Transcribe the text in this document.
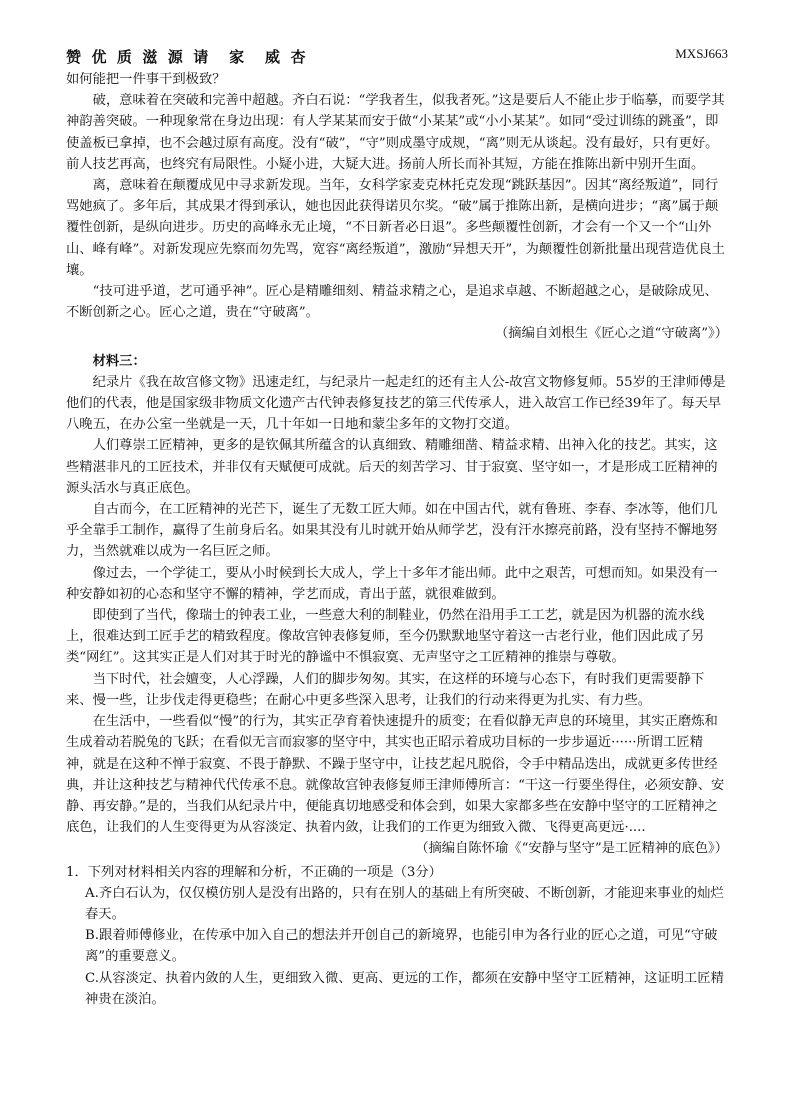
赞  优  质  滋  源  请    家    威  杏	MXSJ663

如何能把一件事干到极致？

破，意味着在突破和完善中超越。齐白石说：“学我者生，似我者死。”这是要后人不能止步于临摹，而要学其神韵善突破。一种现象常在身边出现：有人学某某而安于做“小某某”或“小小某某”。如同“受过训练的跳蚤”，即使盖板已拿掉，也不会越过原有高度。没有“破”，“守”则成墨守成规，“离”则无从谈起。没有最好，只有更好。前人技艺再高，也终究有局限性。小疑小进，大疑大进。扬前人所长而补其短，方能在推陈出新中别开生面。

离，意味着在颠覆成见中寻求新发现。当年，女科学家麦克林托克发现“跳跃基因”。因其“离经叛道”，同行骂她疯了。多年后，其成果才得到承认，她也因此获得诺贝尔奖。“破”属于推陈出新，是横向进步；“离”属于颠覆性创新，是纵向进步。历史的高峰永无止境，“不日新者必日退”。多些颠覆性创新，才会有一个又一个“山外山、峰有峰”。对新发现应先察而勿先骂，宽容“离经叛道”，激励“异想天开”，为颠覆性创新批量出现营造优良土壤。

“技可进乎道，艺可通乎神”。匠心是精雕细刻、精益求精之心，是追求卓越、不断超越之心，是破除成见、不断创新之心。匠心之道，贵在“守破离”。

（摘编自刘根生《匠心之道“守破离”》）

材料三：

纪录片《我在故宫修文物》迅速走红，与纪录片一起走红的还有主人公-故宫文物修复师。55岁的王津师傅是他们的代表，他是国家级非物质文化遗产古代钟表修复技艺的第三代传承人，进入故宫工作已经39年了。每天早八晚五，在办公室一坐就是一天，几十年如一日地和蒙尘多年的文物打交道。

人们尊崇工匠精神，更多的是钦佩其所蕴含的认真细致、精雕细凿、精益求精、出神入化的技艺。其实，这些精湛非凡的工匠技术，并非仅有天赋便可成就。后天的刻苦学习、甘于寂寞、坚守如一，才是形成工匠精神的源头活水与真正底色。

自古而今，在工匠精神的光芒下，诞生了无数工匠大师。如在中国古代，就有鲁班、李春、李冰等，他们几乎全靠手工制作，赢得了生前身后名。如果其没有儿时就开始从师学艺，没有汗水擦亮前路，没有坚持不懈地努力，当然就难以成为一名巨匠之师。

像过去，一个学徒工，要从小时候到长大成人，学上十多年才能出师。此中之艰苦，可想而知。如果没有一种安静如初的心态和坚守不懈的精神，学艺而成，青出于蓝，就很难做到。

即使到了当代，像瑞士的钟表工业，一些意大利的制鞋业，仍然在沿用手工工艺，就是因为机器的流水线上，很难达到工匠手艺的精致程度。像故宫钟表修复师，至今仍默默地坚守着这一古老行业，他们因此成了另类“网红”。这其实正是人们对其于时光的静谧中不惧寂寞、无声坚守之工匠精神的推崇与尊敬。

当下时代，社会嬗变，人心浮躁，人们的脚步匆匆。其实，在这样的环境与心态下，有时我们更需要静下来、慢一些，让步伐走得更稳些；在耐心中更多些深入思考，让我们的行动来得更为扎实、有力些。

在生活中，一些看似“慢”的行为，其实正孕育着快速提升的质变；在看似静无声息的环境里，其实正磨炼和生成着动若脱兔的飞跃；在看似无言而寂寥的坚守中，其实也正昭示着成功目标的一步步逼近······所谓工匠精神，就是在这种不惮于寂寞、不畏于静默、不躁于坚守中，让技艺起凡脱俗，令手中精品迭出，成就更多传世经典，并让这种技艺与精神代代传承不息。就像故宫钟表修复师王津师傅所言：“干这一行要坐得住，必须安静、安静、再安静。”是的，当我们从纪录片中，便能真切地感受和体会到，如果大家都多些在安静中坚守的工匠精神之底色，让我们的人生变得更为从容淡定、执着内敛，让我们的工作更为细致入微、飞得更高更远·....

（摘编自陈怀瑜《“安静与坚守”是工匠精神的底色》）

1．下列对材料相关内容的理解和分析，不正确的一项是（3分）

A.齐白石认为，仅仅模仿别人是没有出路的，只有在别人的基础上有所突破、不断创新，才能迎来事业的灿烂春天。

B.跟着师傅修业，在传承中加入自己的想法并开创自己的新境界，也能引申为各行业的匠心之道，可见“守破离”的重要意义。

C.从容淡定、执着内敛的人生，更细致入微、更高、更远的工作，都须在安静中坚守工匠精神，这证明工匠精神贵在淡泊。
